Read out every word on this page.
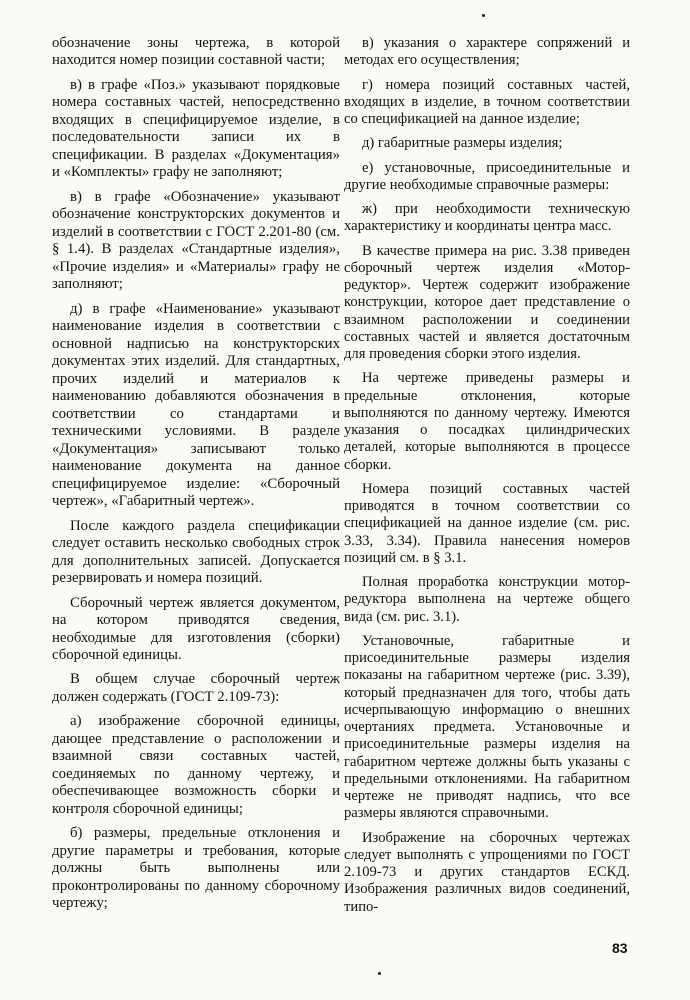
обозначение зоны чертежа, в которой находится номер позиции составной части;

в) в графе «Поз.» указывают порядковые номера составных частей, непосредственно входящих в специфицируемое изделие, в последовательности записи их в спецификации. В разделах «Документация» и «Комплекты» графу не заполняют;

в) в графе «Обозначение» указывают обозначение конструкторских документов и изделий в соответствии с ГОСТ 2.201-80 (см. § 1.4). В разделах «Стандартные изделия», «Прочие изделия» и «Материалы» графу не заполняют;

д) в графе «Наименование» указывают наименование изделия в соответствии с основной надписью на конструкторских документах этих изделий. Для стандартных, прочих изделий и материалов к наименованию добавляются обозначения в соответствии со стандартами и техническими условиями. В разделе «Документация» записывают только наименование документа на данное специфицируемое изделие: «Сборочный чертеж», «Габаритный чертеж».

После каждого раздела спецификации следует оставить несколько свободных строк для дополнительных записей. Допускается резервировать и номера позиций.

Сборочный чертеж является документом, на котором приводятся сведения, необходимые для изготовления (сборки) сборочной единицы.

В общем случае сборочный чертеж должен содержать (ГОСТ 2.109-73):

а) изображение сборочной единицы, дающее представление о расположении и взаимной связи составных частей, соединяемых по данному чертежу, и обеспечивающее возможность сборки и контроля сборочной единицы;

б) размеры, предельные отклонения и другие параметры и требования, которые должны быть выполнены или проконтролированы по данному сборочному чертежу;

в) указания о характере сопряжений и методах его осуществления;

г) номера позиций составных частей, входящих в изделие, в точном соответствии со спецификацией на данное изделие;

д) габаритные размеры изделия;

е) установочные, присоединительные и другие необходимые справочные размеры:

ж) при необходимости техническую характеристику и координаты центра масс.

В качестве примера на рис. 3.38 приведен сборочный чертеж изделия «Мотор-редуктор». Чертеж содержит изображение конструкции, которое дает представление о взаимном расположении и соединении составных частей и является достаточным для проведения сборки этого изделия.

На чертеже приведены размеры и предельные отклонения, которые выполняются по данному чертежу. Имеются указания о посадках цилиндрических деталей, которые выполняются в процессе сборки.

Номера позиций составных частей приводятся в точном соответствии со спецификацией на данное изделие (см. рис. 3.33, 3.34). Правила нанесения номеров позиций см. в § 3.1.

Полная проработка конструкции мотор-редуктора выполнена на чертеже общего вида (см. рис. 3.1).

Установочные, габаритные и присоединительные размеры изделия показаны на габаритном чертеже (рис. 3.39), который предназначен для того, чтобы дать исчерпывающую информацию о внешних очертаниях предмета. Установочные и присоединительные размеры изделия на габаритном чертеже должны быть указаны с предельными отклонениями. На габаритном чертеже не приводят надпись, что все размеры являются справочными.

Изображение на сборочных чертежах следует выполнять с упрощениями по ГОСТ 2.109-73 и других стандартов ЕСКД. Изображения различных видов соединений, типо-

83
